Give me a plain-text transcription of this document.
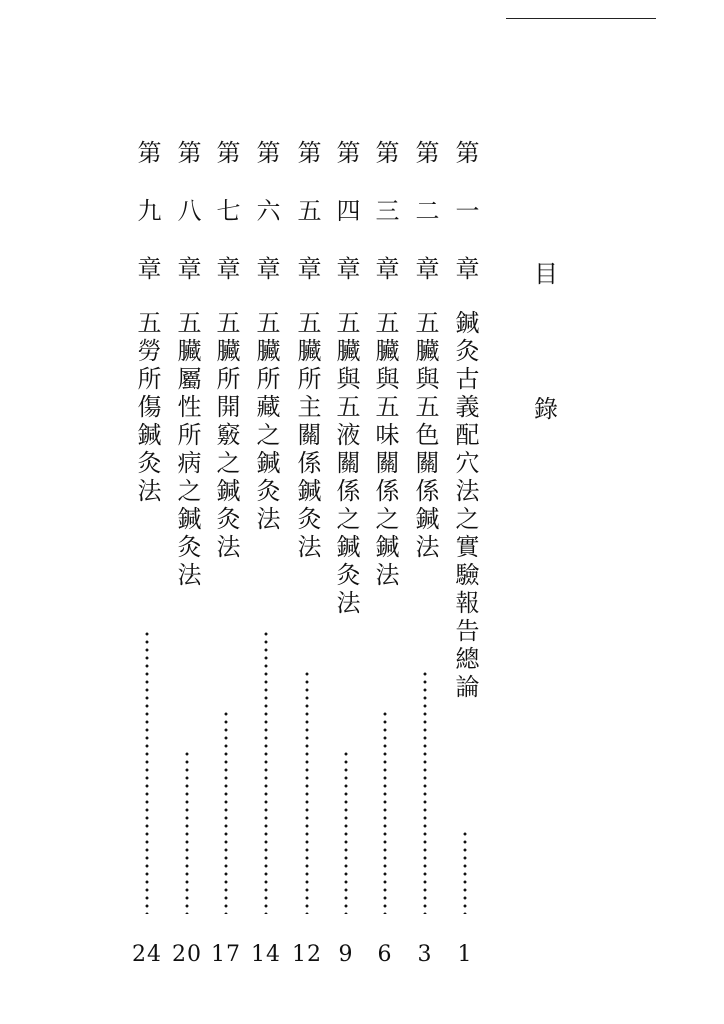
目
錄
第一章
鍼灸古義配穴法之實驗報告總論
1
第二章
五臟與五色關係鍼法
3
第三章
五臟與五味關係之鍼法
6
第四章
五臟與五液關係之鍼灸法
9
第五章
五臟所主關係鍼灸法
12
第六章
五臟所藏之鍼灸法
14
第七章
五臟所開竅之鍼灸法
17
第八章
五臟屬性所病之鍼灸法
20
第九章
五勞所傷鍼灸法
24
